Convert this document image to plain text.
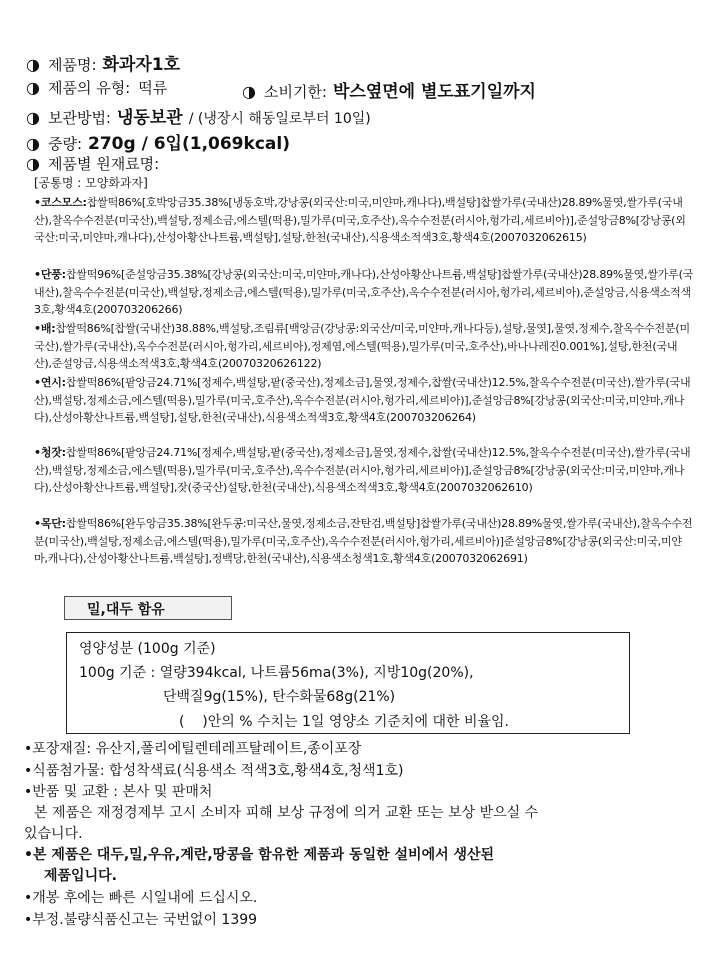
◑ 제품명: 화과자1호
◑ 제품의 유형: 떡류	◑ 소비기한: 박스옆면에 별도표기일까지
◑ 보관방법: 냉동보관 / (냉장시 해동일로부터 10일)
◑ 중량: 270g / 6입(1,069kcal)
◑ 제품별 원재료명:
[공통명 : 모양화과자]
•코스모스:찹쌀떡86%[호박앙금35.38%[냉동호박,강낭콩(외국산:미국,미얀마,캐나다),백설탕]찹쌀가루(국내산)28.89%물엿,쌀가루(국내산),찰옥수수전분(미국산),백설탕,정제소금,에스텔(떡용),밀가루(미국,호주산),옥수수전분(러시아,헝가리,세르비아)],준설앙금8%[강낭콩(외국산:미국,미얀마,캐나다),산성아황산나트륨,백설탕],설탕,한천(국내산),식용색소적색3호,황색4호(2007032062615)
•단풍:찹쌀떡96%[준설앙금35.38%[강낭콩(외국산:미국,미얀마,캐나다),산성아황산나트륨,백설탕]찹쌀가루(국내산)28.89%물엿,쌀가루(국내산),찰옥수수전분(미국산),백설탕,정제소금,에스텔(떡용),밀가루(미국,호주산),옥수수전분(러시아,헝가리,세르비아),준설앙금,식용색소적색3호,황색4호(200703206266)
•배:찹쌀떡86%[찹쌀(국내산)38.88%,백설탕,조림류[백앙금(강낭콩:외국산/미국,미얀마,캐나다등),설탕,물엿],물엿,정제수,찰옥수수전분(미국산),쌀가루(국내산),옥수수전분(러시아,헝가리,세르비아),정제염,에스텔(떡용),밀가루(미국,호주산),바나나레진0.001%],설탕,한천(국내산),준설앙금,식용색소적색3호,황색4호(20070320626122)
•연시:찹쌀떡86%[팥앙금24.71%[정제수,백설탕,팥(중국산),정제소금],물엿,정제수,찹쌀(국내산)12.5%,찰옥수수전분(미국산),쌀가루(국내산),백설탕,정제소금,에스텔(떡용),밀가루(미국,호주산),옥수수전분(러시아,헝가리,세르비아)],준설앙금8%[강낭콩(외국산:미국,미얀마,캐나다),산성아황산나트륨,백설탕],설탕,한천(국내산),식용색소적색3호,황색4호(200703206264)
•청잣:찹쌀떡86%[팥앙금24.71%[정제수,백설탕,팥(중국산),정제소금],물엿,정제수,찹쌀(국내산)12.5%,찰옥수수전분(미국산),쌀가루(국내산),백설탕,정제소금,에스텔(떡용),밀가루(미국,호주산),옥수수전분(러시아,헝가리,세르비아)],준설앙금8%[강낭콩(외국산:미국,미얀마,캐나다),산성아황산나트륨,백설탕],잣(중국산)설탕,한천(국내산),식용색소적색3호,황색4호(2007032062610)
•목단:찹쌀떡86%[완두앙금35.38%[완두콩:미국산,물엿,정제소금,잔탄검,백설탕]찹쌀가루(국내산)28.89%물엿,쌀가루(국내산),찰옥수수전분(미국산),백설탕,정제소금,에스텔(떡용),밀가루(미국,호주산),옥수수전분(러시아,헝가리,세르비아)]준설앙금8%[강낭콩(외국산:미국,미얀마,캐나다),산성아황산나트륨,백설탕],정백당,한천(국내산),식용색소청색1호,황색4호(2007032062691)
밀,대두 함유
영양성분 (100g 기준)
100g 기준 : 열량394kcal, 나트륨56ma(3%), 지방10g(20%),
단백질9g(15%), 탄수화물68g(21%)
(    )안의 % 수치는 1일 영양소 기준치에 대한 비율임.
•포장재질: 유산지,폴리에틸렌테레프탈레이트,종이포장
•식품첨가물: 합성착색료(식용색소 적색3호,황색4호,청색1호)
•반품 및 교환 : 본사 및 판매처
본 제품은 재정경제부 고시 소비자 피해 보상 규정에 의거 교환 또는 보상 받으실 수
있습니다.
•본 제품은 대두,밀,우유,계란,땅콩을 함유한 제품과 동일한 설비에서 생산된
제품입니다.
•개봉 후에는 빠른 시일내에 드십시오.
•부정.불량식품신고는 국번없이 1399
